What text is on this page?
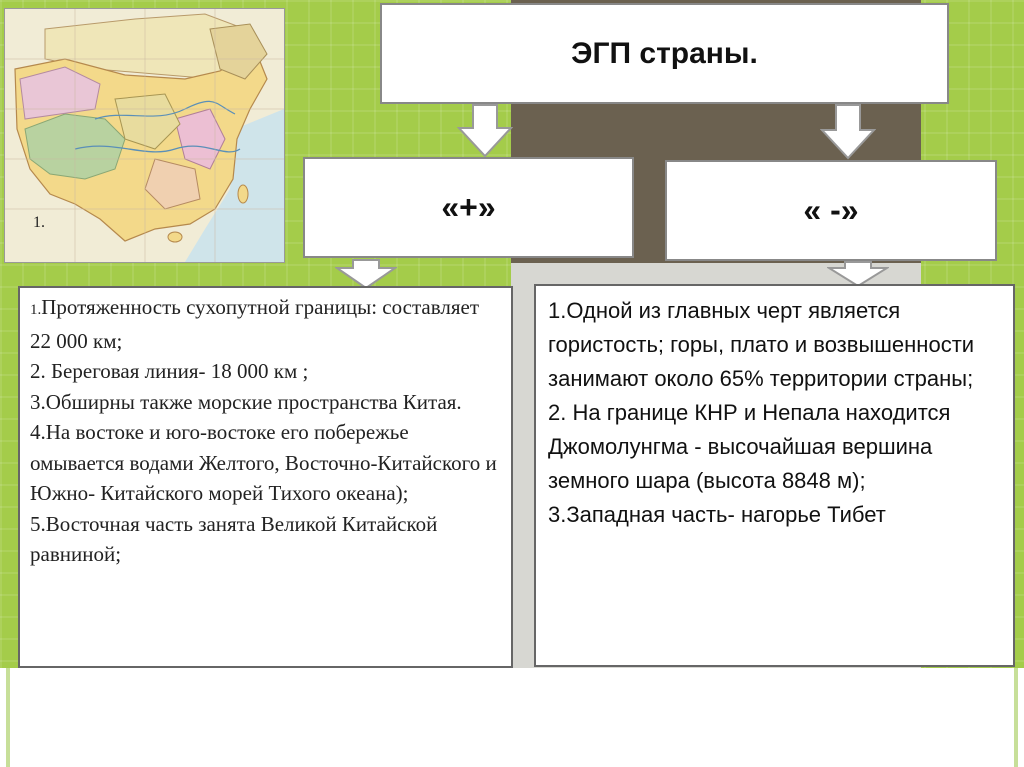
1.
ЭГП страны.
«+»	« -»

1.Протяженность сухопутной границы: составляет 22 000 км;

2. Береговая линия- 18 000 км ;

3.Обширны также морские пространства Китая.

4.На востоке и юго-востоке его побережье омывается водами Желтого, Восточно-Китайского и Южно- Китайского морей Тихого океана);

5.Восточная часть занята Великой Китайской равниной;

1.Одной из главных черт является гористость; горы, плато и возвышенности занимают около 65% территории страны;

2. На границе КНР и Непала находится Джомолунгма - высочайшая вершина земного шара (высота 8848 м);

3.Западная часть- нагорье Тибет
